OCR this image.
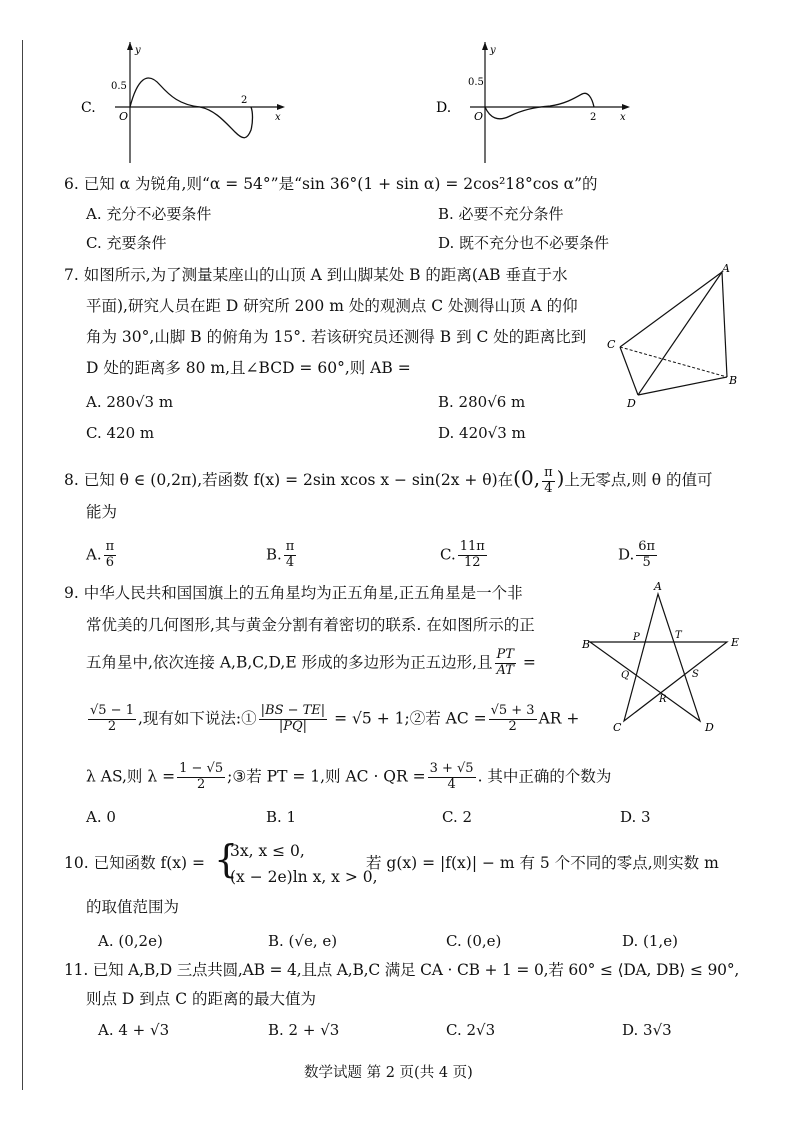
y
x
O
0.5
2
C.
y
x
O
0.5
2
D.
6. 已知 α 为锐角,则“α = 54°”是“sin 36°(1 + sin α) = 2cos²18°cos α”的
A. 充分不必要条件	B. 必要不充分条件
C. 充要条件	D. 既不充分也不必要条件
7. 如图所示,为了测量某座山的山顶 A 到山脚某处 B 的距离(AB 垂直于水
平面),研究人员在距 D 研究所 200 m 处的观测点 C 处测得山顶 A 的仰
角为 30°,山脚 B 的俯角为 15°. 若该研究员还测得 B 到 C 处的距离比到
D 处的距离多 80 m,且∠BCD = 60°,则 AB =
A. 280√3 m	B. 280√6 m
C. 420 m	D. 420√3 m
A
B
C
D
8. 已知 θ ∈ (0,2π),若函数 f(x) = 2sin xcos x − sin(2x + θ)在(0, $\frac{\pi}{4}$ )上无零点,则 θ 的值可
能为
A. $\frac{\pi}{6}$	B. $\frac{\pi}{4}$	C. $\frac{11\pi}{12}$	D. $\frac{6\pi}{5}$
9. 中华人民共和国国旗上的五角星均为正五角星,正五角星是一个非
常优美的几何图形,其与黄金分割有着密切的联系. 在如图所示的正
五角星中,依次连接 A,B,C,D,E 形成的多边形为正五边形,且 $\frac{PT}{AT}$ =
$\frac{√5 - 1}{2}$ ,现有如下说法:① $\frac{|BS - TE|}{|PQ|} = √5$ + 1;②若 AC = $\frac{√5 + 3}{2}$ AR +
λ AS,则 $\lambda = \frac{1 - √5}{2}$ ;③若 PT = 1,则 AC · QR = $\frac{3 + √5}{4}$ . 其中正确的个数为
A. 0	B. 1	C. 2	D. 3
A
B
C	D
E
P	T
Q
R
S
10. 已知函数 f(x) = {
3x, x ≤ 0,
(x − 2e)ln x, x > 0,
若 g(x) = |f(x)| − m 有 5 个不同的零点,则实数 m
的取值范围为
A. (0,2e)	B. (√e, e)	C. (0,e)	D. (1,e)
11. 已知 A,B,D 三点共圆,AB = 4,且点 A,B,C 满足 CA · CB + 1 = 0,若 60° ≤ ⟨DA, DB⟩ ≤ 90°,
则点 D 到点 C 的距离的最大值为
A. 4 + √3	B. 2 + √3	C. 2√3	D. 3√3
数学试题 第 2 页(共 4 页)
